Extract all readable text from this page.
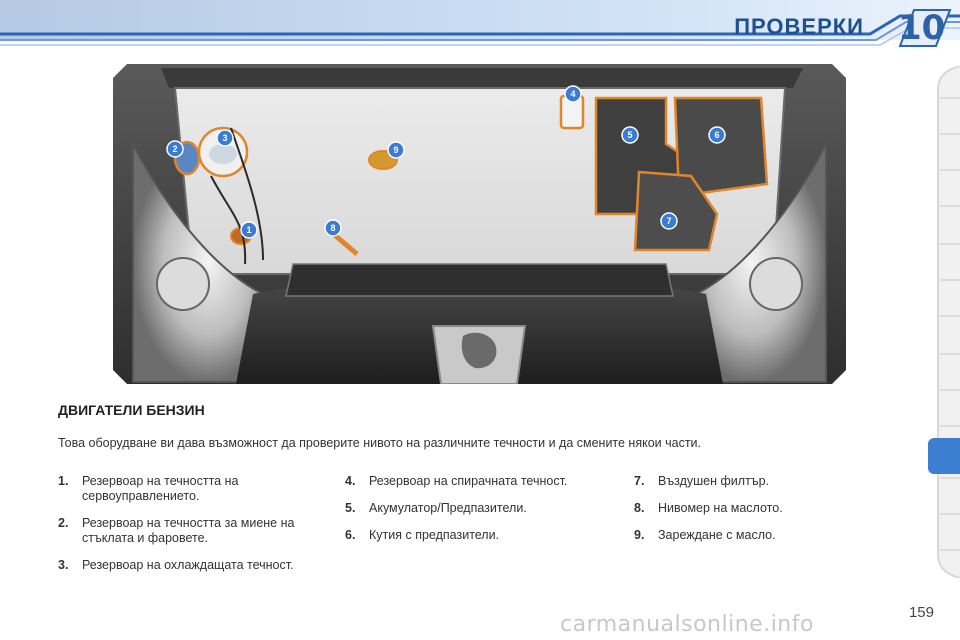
ПРОВЕРКИ 10
1
2
3
4
5	6
7
8
9
ДВИГАТЕЛИ БЕНЗИН
Това оборудване ви дава възможност да проверите нивото на различните течности и да смените някои части.
1. Резервоар на течността на сервоуправлението.
2. Резервоар на течността за миене на стъклата и фаровете.
3. Резервоар на охлаждащата течност.
4. Резервоар на спирачната течност.
5. Акумулатор/Предпазители.
6. Кутия с предпазители.
7. Въздушен филтър.
8. Нивомер на маслото.
9. Зареждане с масло.
carmanualsonline.info	159
